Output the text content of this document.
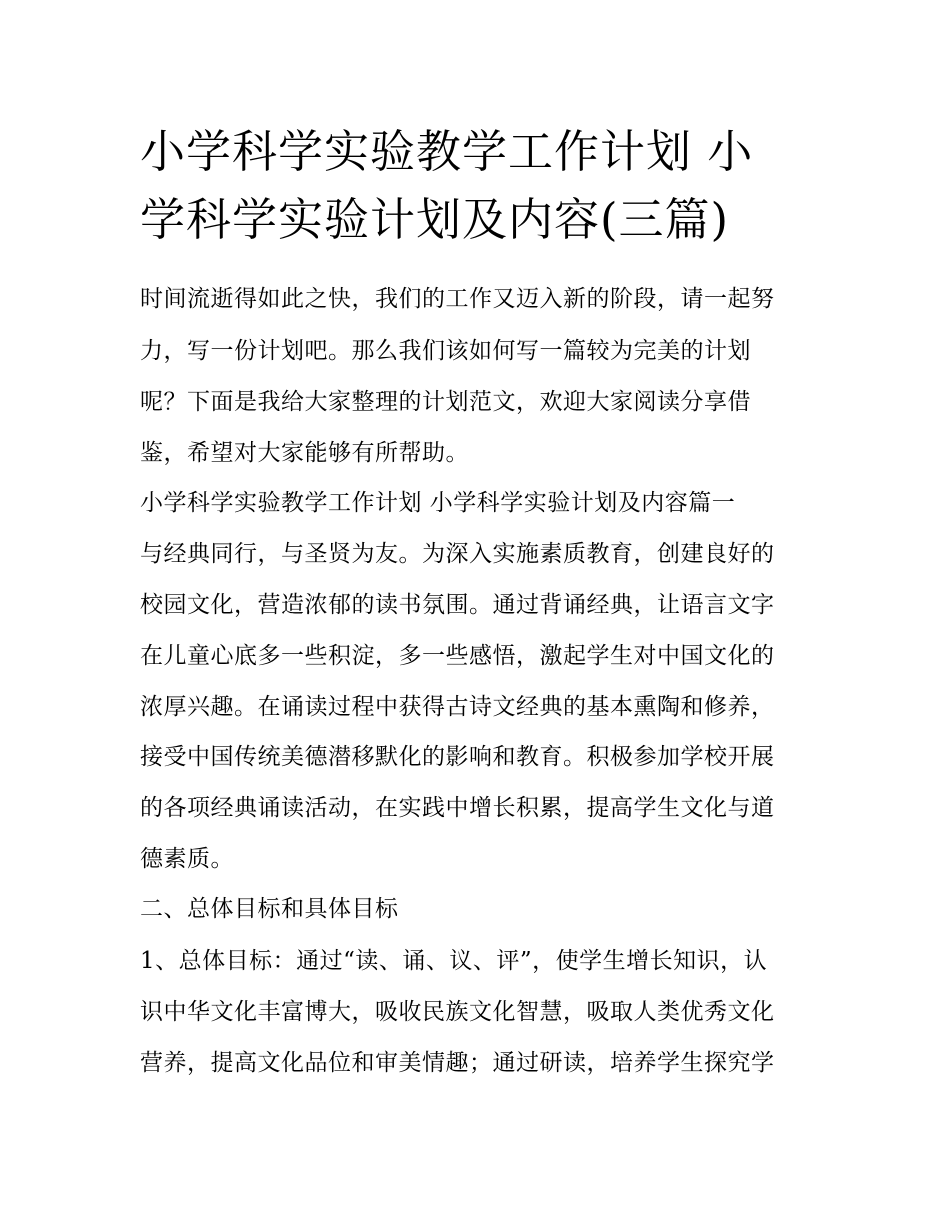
小学科学实验教学工作计划 小
学科学实验计划及内容(三篇)

时间流逝得如此之快，我们的工作又迈入新的阶段，请一起努

力，写一份计划吧。那么我们该如何写一篇较为完美的计划

呢？下面是我给大家整理的计划范文，欢迎大家阅读分享借

鉴，希望对大家能够有所帮助。

小学科学实验教学工作计划 小学科学实验计划及内容篇一

与经典同行，与圣贤为友。为深入实施素质教育，创建良好的

校园文化，营造浓郁的读书氛围。通过背诵经典，让语言文字

在儿童心底多一些积淀，多一些感悟，激起学生对中国文化的

浓厚兴趣。在诵读过程中获得古诗文经典的基本熏陶和修养，

接受中国传统美德潜移默化的影响和教育。积极参加学校开展

的各项经典诵读活动，在实践中增长积累，提高学生文化与道

德素质。

二、总体目标和具体目标

1、总体目标：通过“读、诵、议、评”，使学生增长知识，认

识中华文化丰富博大，吸收民族文化智慧，吸取人类优秀文化

营养，提高文化品位和审美情趣；通过研读，培养学生探究学
